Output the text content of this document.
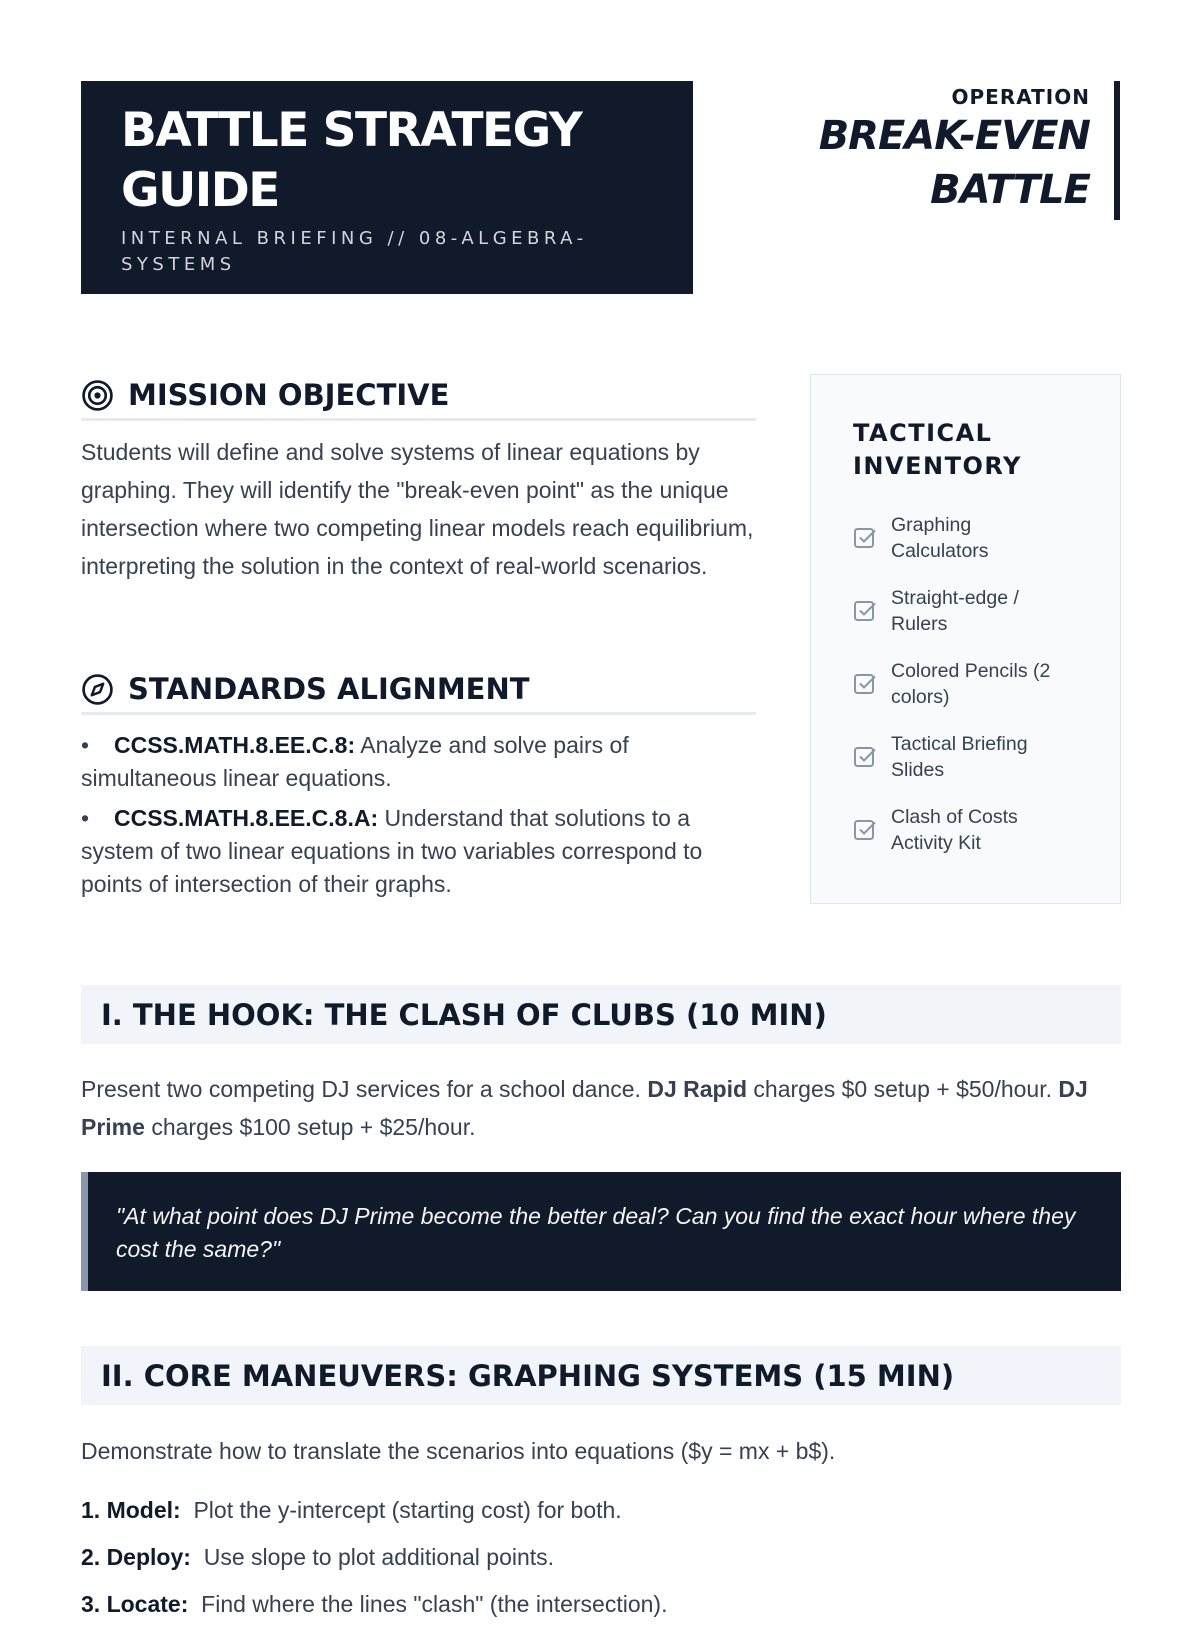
BATTLE STRATEGY
GUIDE
INTERNAL BRIEFING // 08-ALGEBRA-
SYSTEMS
OPERATION
BREAK-EVEN
BATTLE
MISSION OBJECTIVE

Students will define and solve systems of linear equations by graphing. They will identify the "break-even point" as the unique intersection where two competing linear models reach equilibrium, interpreting the solution in the context of real-world scenarios.

STANDARDS ALIGNMENT
• CCSS.MATH.8.EE.C.8: Analyze and solve pairs of simultaneous linear equations.
• CCSS.MATH.8.EE.C.8.A: Understand that solutions to a system of two linear equations in two variables correspond to points of intersection of their graphs.
TACTICAL
INVENTORY
Graphing
Calculators
Straight-edge /
Rulers
Colored Pencils (2
colors)
Tactical Briefing
Slides
Clash of Costs
Activity Kit
I. THE HOOK: THE CLASH OF CLUBS (10 MIN)
Present two competing DJ services for a school dance. DJ Rapid charges $0 setup + $50/hour. DJ Prime charges $100 setup + $25/hour.
"At what point does DJ Prime become the better deal? Can you find the exact hour where they cost the same?"
II. CORE MANEUVERS: GRAPHING SYSTEMS (15 MIN)
Demonstrate how to translate the scenarios into equations ($y = mx + b$).
1. Model: Plot the y-intercept (starting cost) for both.
2. Deploy: Use slope to plot additional points.
3. Locate: Find where the lines "clash" (the intersection).
